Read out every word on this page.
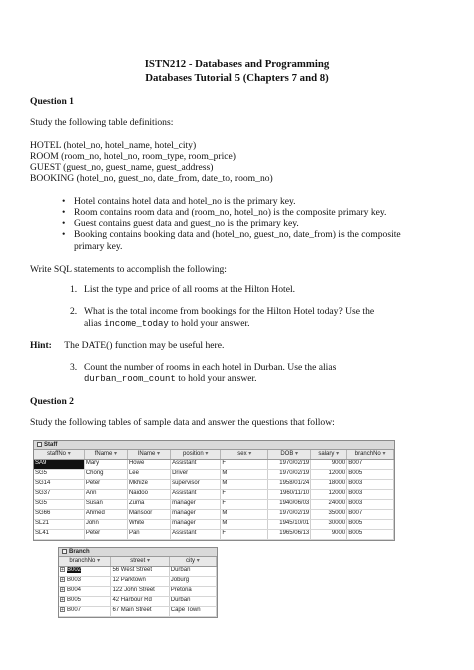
ISTN212 - Databases and Programming
Databases Tutorial 5 (Chapters 7 and 8)
Question 1
Study the following table definitions:
HOTEL (hotel_no, hotel_name, hotel_city)
ROOM (room_no, hotel_no, room_type, room_price)
GUEST (guest_no, guest_name, guest_address)
BOOKING (hotel_no, guest_no, date_from, date_to, room_no)
• Hotel contains hotel data and hotel_no is the primary key.
• Room contains room data and (room_no, hotel_no) is the composite primary key.
• Guest contains guest data and guest_no is the primary key.
• Booking contains booking data and (hotel_no, guest_no, date_from) is the composite primary key.
Write SQL statements to accomplish the following:
1. List the type and price of all rooms at the Hilton Hotel.
2. What is the total income from bookings for the Hilton Hotel today? Use the
alias income_today to hold your answer.
Hint: The DATE() function may be useful here.
3. Count the number of rooms in each hotel in Durban. Use the alias
durban_room_count to hold your answer.
Question 2
Study the following tables of sample data and answer the questions that follow:
Staff
staffNo ▾	fName ▾	lName ▾	position ▾	sex ▾	DOB ▾	salary ▾	branchNo ▾
SA9	Mary	Howe	Assistant	F	1970/02/19	9000	B007
SG5	Chong	Lee	Driver	M	1970/02/19	12000	B005
SG14	Peter	Mkhize	supervisor	M	1958/01/24	18000	B003
SG37	Ann	Naidoo	Assistant	F	1960/11/10	12000	B003
SG5	Susan	Zuma	manager	F	1940/06/03	24000	B003
SG66	Ahmed	Mansoor	manager	M	1970/02/19	35000	B007
SL21	John	White	manager	M	1945/10/01	30000	B005
SL41	Peter	Pan	Assistant	F	1965/06/13	9000	B005
Branch
branchNo ▾	street ▾	city ▾
+ B002	56 West Street	Durban
+ B003	12 Parktown	Joburg
+ B004	122 John Street	Pretoria
+ B005	42 Harbour Rd	Durban
+ B007	67 Main Street	Cape Town
